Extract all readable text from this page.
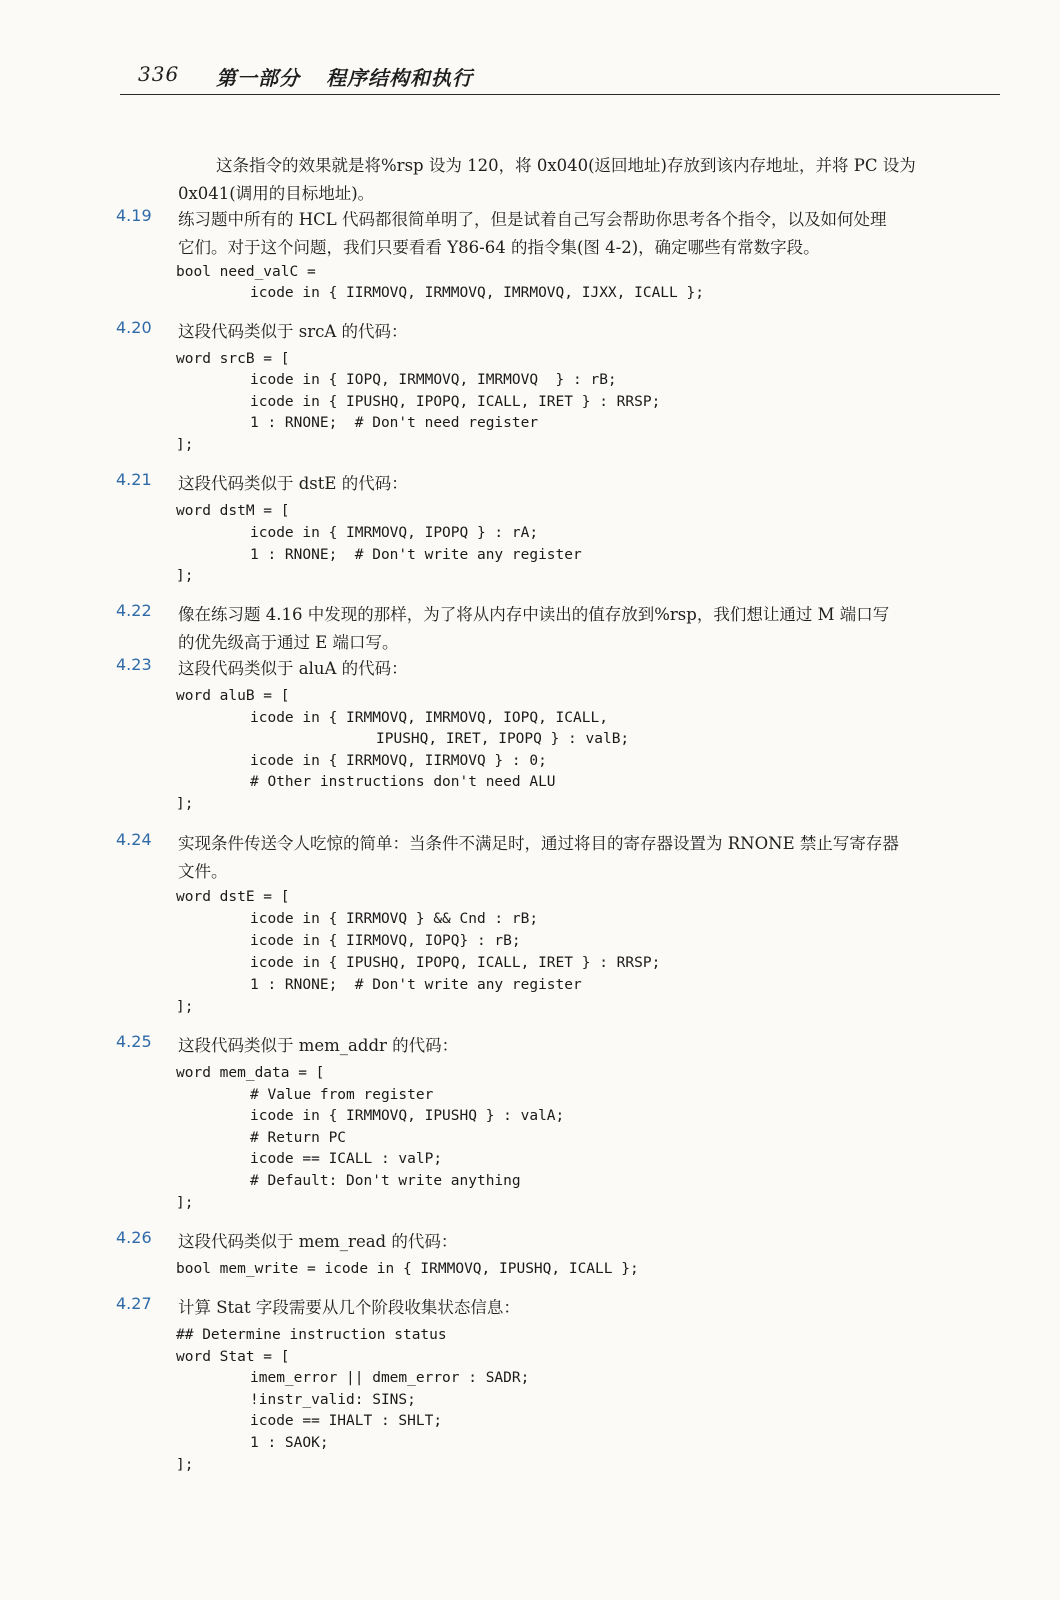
336 第一部分 程序结构和执行
这条指令的效果就是将%rsp 设为 120，将 0x040(返回地址)存放到该内存地址，并将 PC 设为
0x041(调用的目标地址)。
4.19 练习题中所有的 HCL 代码都很简单明了，但是试着自己写会帮助你思考各个指令，以及如何处理
它们。对于这个问题，我们只要看看 Y86-64 的指令集(图 4-2)，确定哪些有常数字段。
bool need_valC =
icode in { IIRMOVQ, IRMMOVQ, IMRMOVQ, IJXX, ICALL };
4.20 这段代码类似于 srcA 的代码：
word srcB = [
icode in { IOPQ, IRMMOVQ, IMRMOVQ  } : rB;
icode in { IPUSHQ, IPOPQ, ICALL, IRET } : RRSP;
1 : RNONE;  # Don't need register
];
4.21 这段代码类似于 dstE 的代码：
word dstM = [
icode in { IMRMOVQ, IPOPQ } : rA;
1 : RNONE;  # Don't write any register
];
4.22 像在练习题 4.16 中发现的那样，为了将从内存中读出的值存放到%rsp，我们想让通过 M 端口写
的优先级高于通过 E 端口写。
4.23 这段代码类似于 aluA 的代码：
word aluB = [
icode in { IRMMOVQ, IMRMOVQ, IOPQ, ICALL,
IPUSHQ, IRET, IPOPQ } : valB;
icode in { IRRMOVQ, IIRMOVQ } : 0;
# Other instructions don't need ALU
];
4.24 实现条件传送令人吃惊的简单：当条件不满足时，通过将目的寄存器设置为 RNONE 禁止写寄存器
文件。
word dstE = [
icode in { IRRMOVQ } && Cnd : rB;
icode in { IIRMOVQ, IOPQ} : rB;
icode in { IPUSHQ, IPOPQ, ICALL, IRET } : RRSP;
1 : RNONE;  # Don't write any register
];
4.25 这段代码类似于 mem_addr 的代码：
word mem_data = [
# Value from register
icode in { IRMMOVQ, IPUSHQ } : valA;
# Return PC
icode == ICALL : valP;
# Default: Don't write anything
];
4.26 这段代码类似于 mem_read 的代码：
bool mem_write = icode in { IRMMOVQ, IPUSHQ, ICALL };
4.27 计算 Stat 字段需要从几个阶段收集状态信息：
## Determine instruction status
word Stat = [
imem_error || dmem_error : SADR;
!instr_valid: SINS;
icode == IHALT : SHLT;
1 : SAOK;
];
